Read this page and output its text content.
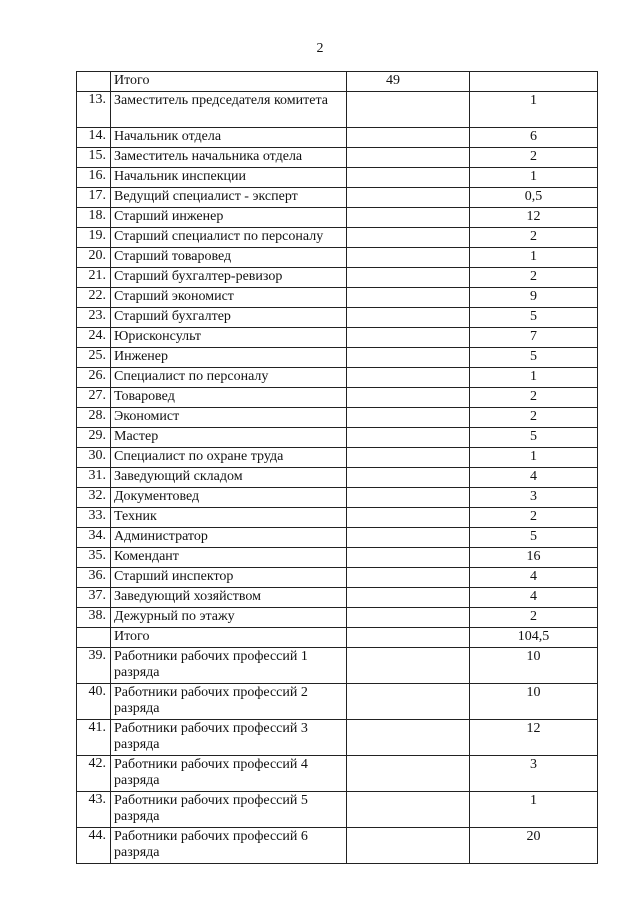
2
	Итого	49	
13.	Заместитель председателя комитета		1
14.	Начальник отдела		6
15.	Заместитель начальника отдела		2
16.	Начальник инспекции		1
17.	Ведущий специалист - эксперт		0,5
18.	Старший инженер		12
19.	Старший специалист по персоналу		2
20.	Старший товаровед		1
21.	Старший бухгалтер-ревизор		2
22.	Старший экономист		9
23.	Старший бухгалтер		5
24.	Юрисконсульт		7
25.	Инженер		5
26.	Специалист по персоналу		1
27.	Товаровед		2
28.	Экономист		2
29.	Мастер		5
30.	Специалист по охране труда		1
31.	Заведующий складом		4
32.	Документовед		3
33.	Техник		2
34.	Администратор		5
35.	Комендант		16
36.	Старший инспектор		4
37.	Заведующий хозяйством		4
38.	Дежурный по этажу		2
	Итого		104,5
39.	Работники рабочих профессий 1 разряда		10
40.	Работники рабочих профессий 2 разряда		10
41.	Работники рабочих профессий 3 разряда		12
42.	Работники рабочих профессий 4 разряда		3
43.	Работники рабочих профессий 5 разряда		1
44.	Работники рабочих профессий 6 разряда		20
